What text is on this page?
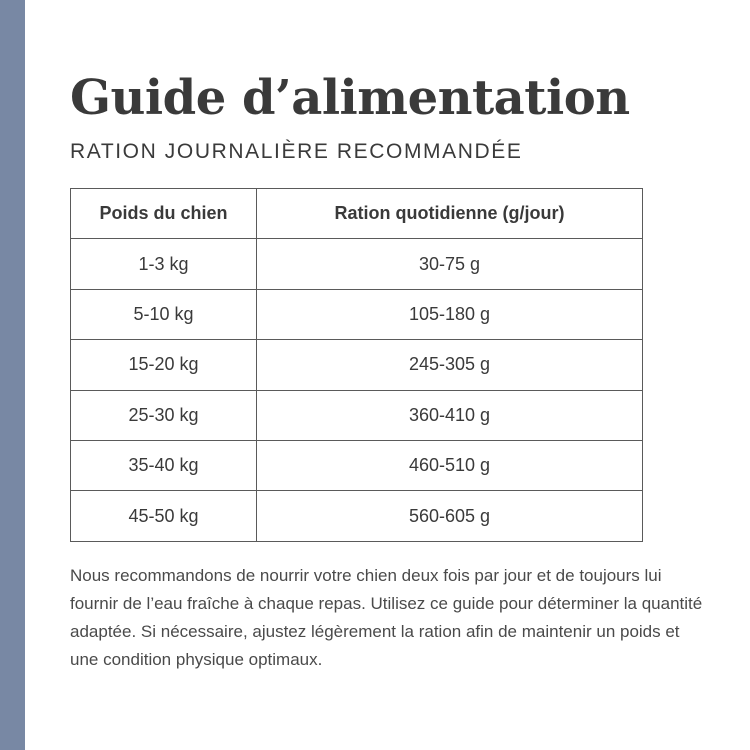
Guide d’alimentation
RATION JOURNALIÈRE RECOMMANDÉE
Poids du chien	Ration quotidienne (g/jour)
1-3 kg	30-75 g
5-10 kg	105-180 g
15-20 kg	245-305 g
25-30 kg	360-410 g
35-40 kg	460-510 g
45-50 kg	560-605 g

Nous recommandons de nourrir votre chien deux fois par jour et de toujours lui fournir de l’eau fraîche à chaque repas. Utilisez ce guide pour déterminer la quantité adaptée. Si nécessaire, ajustez légèrement la ration afin de maintenir un poids et une condition physique optimaux.
